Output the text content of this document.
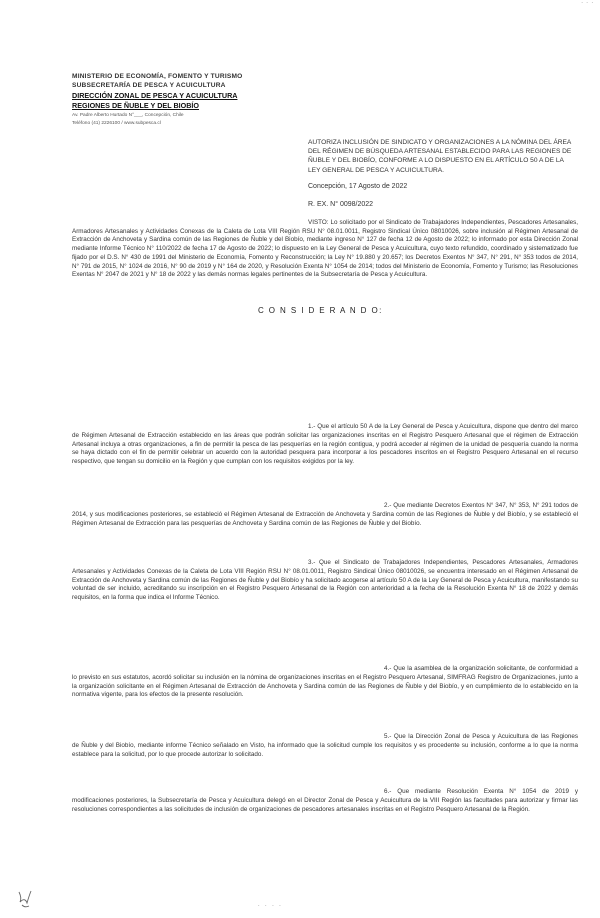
· · ·
MINISTERIO DE ECONOMÍA, FOMENTO Y TURISMO
SUBSECRETARÍA DE PESCA Y ACUICULTURA
DIRECCIÓN ZONAL DE PESCA Y ACUICULTURA
REGIONES DE ÑUBLE Y DEL BIOBÍO
Av. Padre Alberto Hurtado N°___, Concepción, Chile
Teléfono (41) 2226100 / www.subpesca.cl
AUTORIZA INCLUSIÓN DE SINDICATO Y ORGANIZACIONES A LA NÓMINA DEL ÁREA DEL RÉGIMEN DE BÚSQUEDA ARTESANAL ESTABLECIDO PARA LAS REGIONES DE ÑUBLE Y DEL BIOBÍO, CONFORME A LO DISPUESTO EN EL ARTÍCULO 50 A DE LA LEY GENERAL DE PESCA Y ACUICULTURA.
Concepción, 17 Agosto de 2022
R. EX. N° 0098/2022
VISTO: Lo solicitado por el Sindicato de Trabajadores Independientes, Pescadores Artesanales, Armadores Artesanales y Actividades Conexas de la Caleta de Lota VIII Región RSU N° 08.01.0011, Registro Sindical Único 08010026, sobre inclusión al Régimen Artesanal de Extracción de Anchoveta y Sardina común de las Regiones de Ñuble y del Biobío, mediante ingreso N° 127 de fecha 12 de Agosto de 2022; lo informado por esta Dirección Zonal mediante Informe Técnico N° 110/2022 de fecha 17 de Agosto de 2022; lo dispuesto en la Ley General de Pesca y Acuicultura, cuyo texto refundido, coordinado y sistematizado fue fijado por el D.S. N° 430 de 1991 del Ministerio de Economía, Fomento y Reconstrucción; la Ley N° 19.880 y 20.657; los Decretos Exentos N° 347, N° 291, N° 353 todos de 2014, N° 791 de 2015, N° 1024 de 2016, N° 90 de 2019 y N° 164 de 2020, y Resolución Exenta N° 1054 de 2014; todos del Ministerio de Economía, Fomento y Turismo; las Resoluciones Exentas N° 2047 de 2021 y N° 18 de 2022 y las demás normas legales pertinentes de la Subsecretaría de Pesca y Acuicultura.
C O N S I D E R A N D O:
1.- Que el artículo 50 A de la Ley General de Pesca y Acuicultura, dispone que dentro del marco de Régimen Artesanal de Extracción establecido en las áreas que podrán solicitar las organizaciones inscritas en el Registro Pesquero Artesanal que el régimen de Extracción Artesanal incluya a otras organizaciones, a fin de permitir la pesca de las pesquerías en la región contigua, y podrá acceder al régimen de la unidad de pesquería cuando la norma se haya dictado con el fin de permitir celebrar un acuerdo con la autoridad pesquera para incorporar a los pescadores inscritos en el Registro Pesquero Artesanal en el recurso respectivo, que tengan su domicilio en la Región y que cumplan con los requisitos exigidos por la ley.
2.- Que mediante Decretos Exentos N° 347, N° 353, N° 291 todos de 2014, y sus modificaciones posteriores, se estableció el Régimen Artesanal de Extracción de Anchoveta y Sardina común de las Regiones de Ñuble y del Biobío, y se estableció el Régimen Artesanal de Extracción para las pesquerías de Anchoveta y Sardina común de las Regiones de Ñuble y del Biobío.
3.- Que el Sindicato de Trabajadores Independientes, Pescadores Artesanales, Armadores Artesanales y Actividades Conexas de la Caleta de Lota VIII Región RSU N° 08.01.0011, Registro Sindical Único 08010026, se encuentra interesado en el Régimen Artesanal de Extracción de Anchoveta y Sardina común de las Regiones de Ñuble y del Biobío y ha solicitado acogerse al artículo 50 A de la Ley General de Pesca y Acuicultura, manifestando su voluntad de ser incluido, acreditando su inscripción en el Registro Pesquero Artesanal de la Región con anterioridad a la fecha de la Resolución Exenta N° 18 de 2022 y demás requisitos, en la forma que indica el Informe Técnico.
4.- Que la asamblea de la organización solicitante, de conformidad a lo previsto en sus estatutos, acordó solicitar su inclusión en la nómina de organizaciones inscritas en el Registro Pesquero Artesanal, SIMFRAG Registro de Organizaciones, junto a la organización solicitante en el Régimen Artesanal de Extracción de Anchoveta y Sardina común de las Regiones de Ñuble y del Biobío, y en cumplimiento de lo establecido en la normativa vigente, para los efectos de la presente resolución.
5.- Que la Dirección Zonal de Pesca y Acuicultura de las Regiones de Ñuble y del Biobío, mediante informe Técnico señalado en Visto, ha informado que la solicitud cumple los requisitos y es procedente su inclusión, conforme a lo que la norma establece para la solicitud, por lo que procede autorizar lo solicitado.
6.- Que mediante Resolución Exenta N° 1054 de 2019 y modificaciones posteriores, la Subsecretaría de Pesca y Acuicultura delegó en el Director Zonal de Pesca y Acuicultura de la VIII Región las facultades para autorizar y firmar las resoluciones correspondientes a las solicitudes de inclusión de organizaciones de pescadores artesanales inscritas en el Registro Pesquero Artesanal de la Región.
· · · ·
